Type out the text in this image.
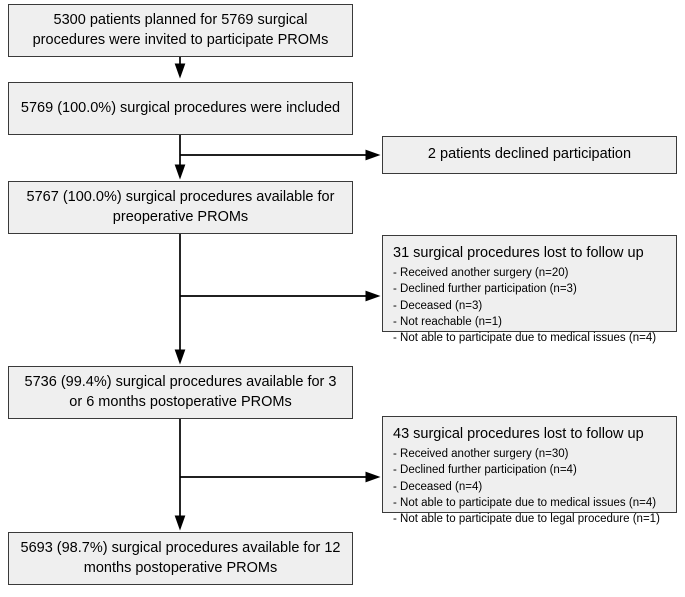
5300 patients planned for 5769 surgical procedures were invited to participate PROMs
5769 (100.0%) surgical procedures were included
5767 (100.0%) surgical procedures available for preoperative PROMs
5736 (99.4%) surgical procedures available for 3 or 6 months postoperative PROMs
5693 (98.7%) surgical procedures available for 12 months postoperative PROMs
2 patients declined participation
31 surgical procedures lost to follow up
- Received another surgery (n=20)
- Declined further participation (n=3)
- Deceased (n=3)
- Not reachable (n=1)
- Not able to participate due to medical issues (n=4)
43 surgical procedures lost to follow up
- Received another surgery (n=30)
- Declined further participation (n=4)
- Deceased (n=4)
- Not able to participate due to medical issues (n=4)
- Not able to participate due to legal procedure (n=1)
